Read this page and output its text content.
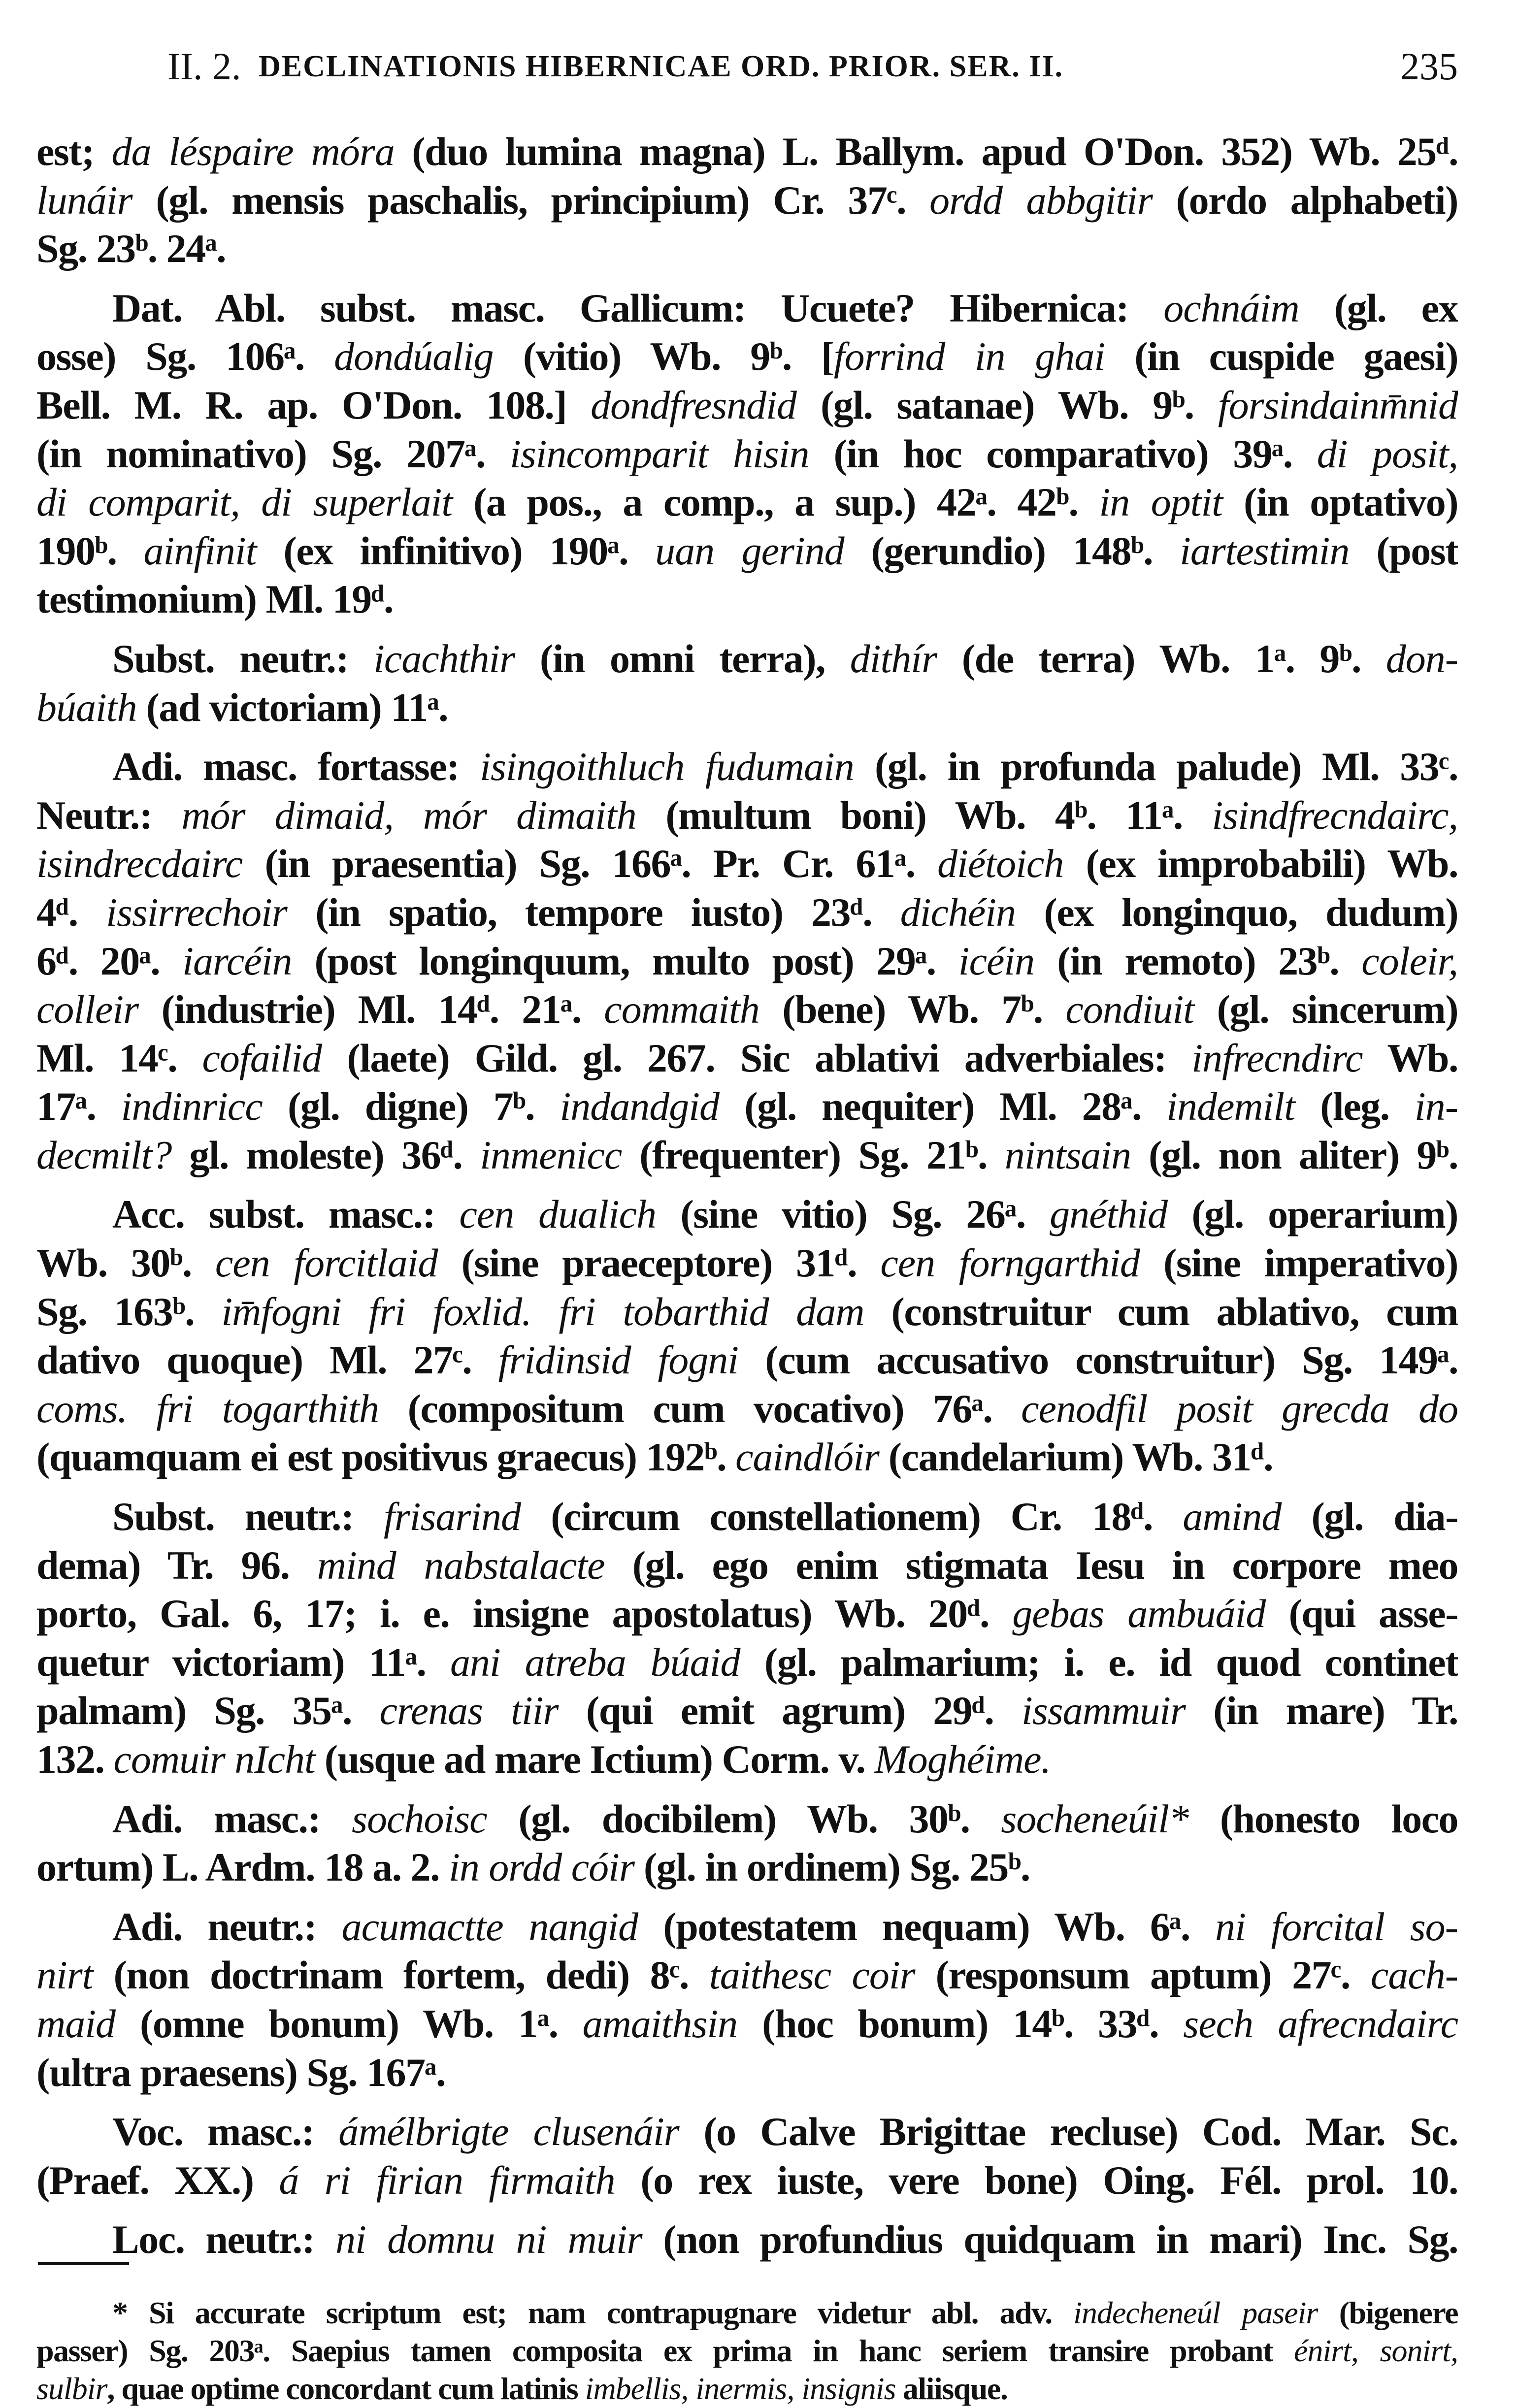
II. 2. DECLINATIONIS HIBERNICAE ORD. PRIOR. SER. II.	235
est; da léspaire móra (duo lumina magna) L. Ballym. apud O'Don. 352) Wb. 25ᵈ.
lunáir (gl. mensis paschalis, principium) Cr. 37ᶜ. ordd abbgitir (ordo alphabeti)
Sg. 23ᵇ. 24ᵃ.
Dat. Abl. subst. masc. Gallicum: Ucuete? Hibernica: ochnáim (gl. ex
osse) Sg. 106ᵃ. dondúalig (vitio) Wb. 9ᵇ. [forrind in ghai (in cuspide gaesi)
Bell. M. R. ap. O'Don. 108.] dondfresndid (gl. satanae) Wb. 9ᵇ. forsindainm̄nid
(in nominativo) Sg. 207ᵃ. isincomparit hisin (in hoc comparativo) 39ᵃ. di posit,
di comparit, di superlait (a pos., a comp., a sup.) 42ᵃ. 42ᵇ. in optit (in optativo)
190ᵇ. ainfinit (ex infinitivo) 190ᵃ. uan gerind (gerundio) 148ᵇ. iartestimin (post
testimonium) Ml. 19ᵈ.
Subst. neutr.: icachthir (in omni terra), dithír (de terra) Wb. 1ᵃ. 9ᵇ. don-
búaith (ad victoriam) 11ᵃ.
Adi. masc. fortasse: isingoithluch fudumain (gl. in profunda palude) Ml. 33ᶜ.
Neutr.: mór dimaid, mór dimaith (multum boni) Wb. 4ᵇ. 11ᵃ. isindfrecndairc,
isindrecdairc (in praesentia) Sg. 166ᵃ. Pr. Cr. 61ᵃ. diétoich (ex improbabili) Wb.
4ᵈ. issirrechoir (in spatio, tempore iusto) 23ᵈ. dichéin (ex longinquo, dudum)
6ᵈ. 20ᵃ. iarcéin (post longinquum, multo post) 29ᵃ. icéin (in remoto) 23ᵇ. coleir,
colleir (industrie) Ml. 14ᵈ. 21ᵃ. commaith (bene) Wb. 7ᵇ. condiuit (gl. sincerum)
Ml. 14ᶜ. cofailid (laete) Gild. gl. 267. Sic ablativi adverbiales: infrecndirc Wb.
17ᵃ. indinricc (gl. digne) 7ᵇ. indandgid (gl. nequiter) Ml. 28ᵃ. indemilt (leg. in-
decmilt? gl. moleste) 36ᵈ. inmenicc (frequenter) Sg. 21ᵇ. nintsain (gl. non aliter) 9ᵇ.
Acc. subst. masc.: cen dualich (sine vitio) Sg. 26ᵃ. gnéthid (gl. operarium)
Wb. 30ᵇ. cen forcitlaid (sine praeceptore) 31ᵈ. cen forngarthid (sine imperativo)
Sg. 163ᵇ. im̄fogni fri foxlid. fri tobarthid dam (construitur cum ablativo, cum
dativo quoque) Ml. 27ᶜ. fridinsid fogni (cum accusativo construitur) Sg. 149ᵃ.
coms. fri togarthith (compositum cum vocativo) 76ᵃ. cenodfil posit grecda do
(quamquam ei est positivus graecus) 192ᵇ. caindlóir (candelarium) Wb. 31ᵈ.
Subst. neutr.: frisarind (circum constellationem) Cr. 18ᵈ. amind (gl. dia-
dema) Tr. 96. mind nabstalacte (gl. ego enim stigmata Iesu in corpore meo
porto, Gal. 6, 17; i. e. insigne apostolatus) Wb. 20ᵈ. gebas ambuáid (qui asse-
quetur victoriam) 11ᵃ. ani atreba búaid (gl. palmarium; i. e. id quod continet
palmam) Sg. 35ᵃ. crenas tiir (qui emit agrum) 29ᵈ. issammuir (in mare) Tr.
132. comuir nIcht (usque ad mare Ictium) Corm. v. Moghéime.
Adi. masc.: sochoisc (gl. docibilem) Wb. 30ᵇ. socheneúil* (honesto loco
ortum) L. Ardm. 18 a. 2. in ordd cóir (gl. in ordinem) Sg. 25ᵇ.
Adi. neutr.: acumactte nangid (potestatem nequam) Wb. 6ᵃ. ni forcital so-
nirt (non doctrinam fortem, dedi) 8ᶜ. taithesc coir (responsum aptum) 27ᶜ. cach-
maid (omne bonum) Wb. 1ᵃ. amaithsin (hoc bonum) 14ᵇ. 33ᵈ. sech afrecndairc
(ultra praesens) Sg. 167ᵃ.
Voc. masc.: ámélbrigte clusenáir (o Calve Brigittae recluse) Cod. Mar. Sc.
(Praef. XX.) á ri firian firmaith (o rex iuste, vere bone) Oing. Fél. prol. 10.
Loc. neutr.: ni domnu ni muir (non profundius quidquam in mari) Inc. Sg.
* Si accurate scriptum est; nam contrapugnare videtur abl. adv. indecheneúl paseir (bigenere
passer) Sg. 203ᵃ. Saepius tamen composita ex prima in hanc seriem transire probant énirt, sonirt,
sulbir, quae optime concordant cum latinis imbellis, inermis, insignis aliisque.
